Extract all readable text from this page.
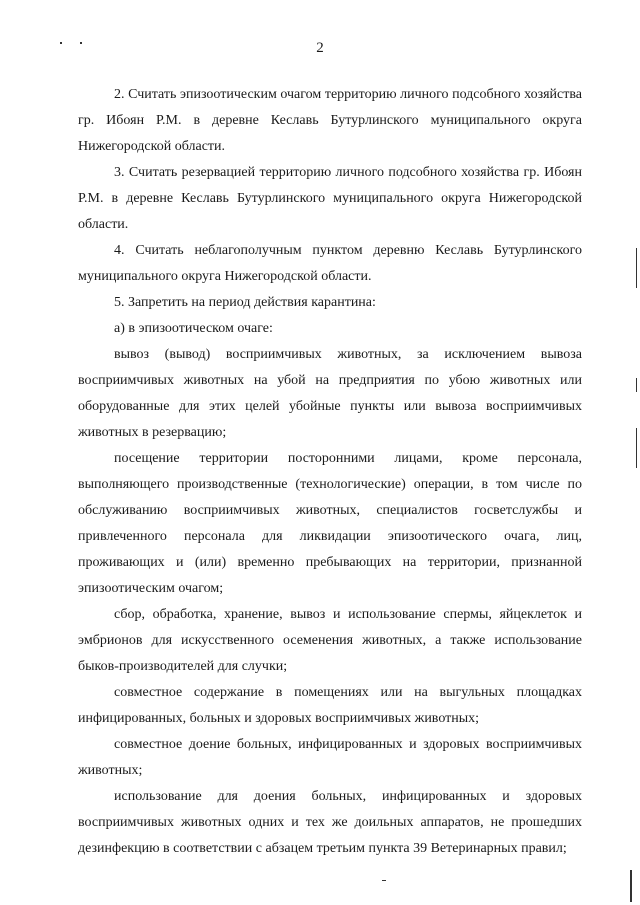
2

2. Считать эпизоотическим очагом территорию личного подсобного хозяйства гр. Ибоян Р.М. в деревне Кеславь Бутурлинского муниципального округа Нижегородской области.

3. Считать резервацией территорию личного подсобного хозяйства гр. Ибоян Р.М. в деревне Кеславь Бутурлинского муниципального округа Нижегородской области.

4. Считать неблагополучным пунктом деревню Кеславь Бутурлинского муниципального округа Нижегородской области.

5. Запретить на период действия карантина:

а) в эпизоотическом очаге:

вывоз (вывод) восприимчивых животных, за исключением вывоза восприимчивых животных на убой на предприятия по убою животных или оборудованные для этих целей убойные пункты или вывоза восприимчивых животных в резервацию;

посещение территории посторонними лицами, кроме персонала, выполняющего производственные (технологические) операции, в том числе по обслуживанию восприимчивых животных, специалистов госветслужбы и привлеченного персонала для ликвидации эпизоотического очага, лиц, проживающих и (или) временно пребывающих на территории, признанной эпизоотическим очагом;

сбор, обработка, хранение, вывоз и использование спермы, яйцеклеток и эмбрионов для искусственного осеменения животных, а также использование быков-производителей для случки;

совместное содержание в помещениях или на выгульных площадках инфицированных, больных и здоровых восприимчивых животных;

совместное доение больных, инфицированных и здоровых восприимчивых животных;

использование для доения больных, инфицированных и здоровых восприимчивых животных одних и тех же доильных аппаратов, не прошедших дезинфекцию в соответствии с абзацем третьим пункта 39 Ветеринарных правил;
